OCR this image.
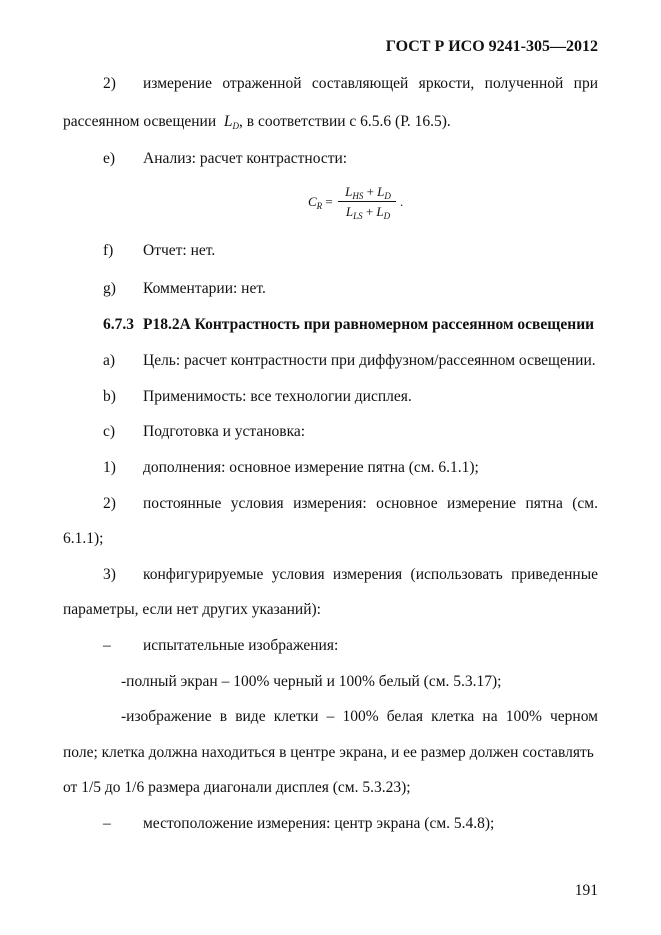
ГОСТ Р ИСО 9241-305—2012
2) измерение отраженной составляющей яркости, полученной при
рассеянном освещении $L_D$, в соответствии с 6.5.6 (Р. 16.5).
e) Анализ: расчет контрастности:
$C_R$ =
$L_{HS} + L_D$
$L_{LS} + L_D$
.
f) Отчет: нет.
g) Комментарии: нет.
6.7.3 Р18.2А Контрастность при равномерном рассеянном освещении
a) Цель: расчет контрастности при диффузном/рассеянном освещении.
b) Применимость: все технологии дисплея.
c) Подготовка и установка:
1) дополнения: основное измерение пятна (см. 6.1.1);
2) постоянные условия измерения: основное измерение пятна (см.
6.1.1);
3) конфигурируемые условия измерения (использовать приведенные
параметры, если нет других указаний):
– испытательные изображения:
-полный экран – 100% черный и 100% белый (см. 5.3.17);
-изображение в виде клетки – 100% белая клетка на 100% черном
поле; клетка должна находиться в центре экрана, и ее размер должен составлять
от 1/5 до 1/6 размера диагонали дисплея (см. 5.3.23);
– местоположение измерения: центр экрана (см. 5.4.8);
191
